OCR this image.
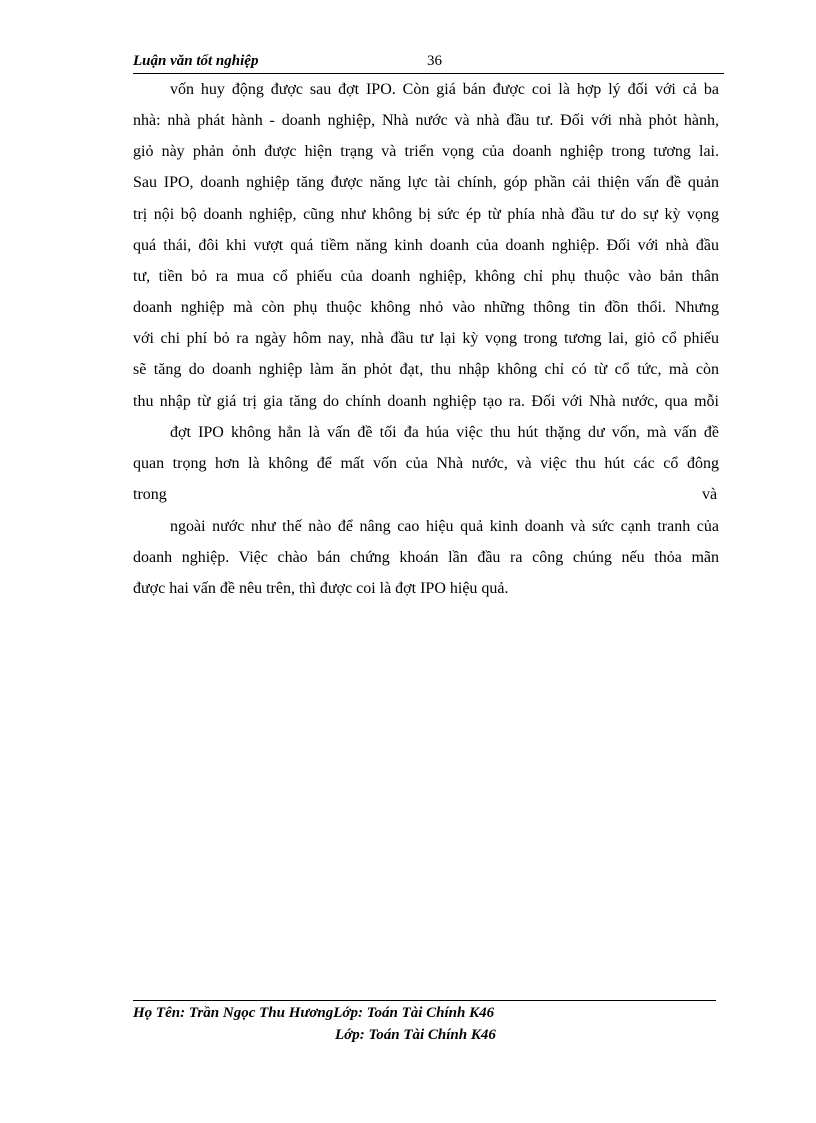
Luận văn tốt nghiệp	36
vốn huy động được sau đợt IPO. Còn giá bán được coi là hợp lý đối với cả ba
nhà: nhà phát hành - doanh nghiệp, Nhà nước và nhà đầu tư. Đối với nhà phỏt hành,
giỏ này phản ỏnh được hiện trạng và triển vọng của doanh nghiệp trong tương lai.
Sau IPO, doanh nghiệp tăng được năng lực tài chính, góp phần cải thiện vấn đề quản
trị nội bộ doanh nghiệp, cũng như không bị sức ép từ phía nhà đầu tư do sự kỳ vọng
quá thái, đôi khi vượt quá tiềm năng kinh doanh của doanh nghiệp. Đối với nhà đầu
tư, tiền bỏ ra mua cổ phiếu của doanh nghiệp, không chỉ phụ thuộc vào bản thân
doanh nghiệp mà còn phụ thuộc không nhỏ vào những thông tin đồn thổi. Nhưng
với chi phí bỏ ra ngày hôm nay, nhà đầu tư lại kỳ vọng trong tương lai, giỏ cổ phiếu
sẽ tăng do doanh nghiệp làm ăn phỏt đạt, thu nhập không chỉ có từ cổ tức, mà còn
thu nhập từ giá trị gia tăng do chính doanh nghiệp tạo ra. Đối với Nhà nước, qua mỗi
đợt IPO không hẳn là vấn đề tối đa húa việc thu hút thặng dư vốn, mà vấn đề
quan trọng hơn là không để mất vốn của Nhà nước, và việc thu hút các cổ đông
trong	và
ngoài nước như thế nào để nâng cao hiệu quả kinh doanh và sức cạnh tranh của
doanh nghiệp. Việc chào bán chứng khoán lần đầu ra công chúng nếu thỏa mãn
được hai vấn đề nêu trên, thì được coi là đợt IPO hiệu quả.
Họ Tên: Trần Ngọc Thu HươngLớp: Toán Tài Chính K46
Lớp: Toán Tài Chính K46
